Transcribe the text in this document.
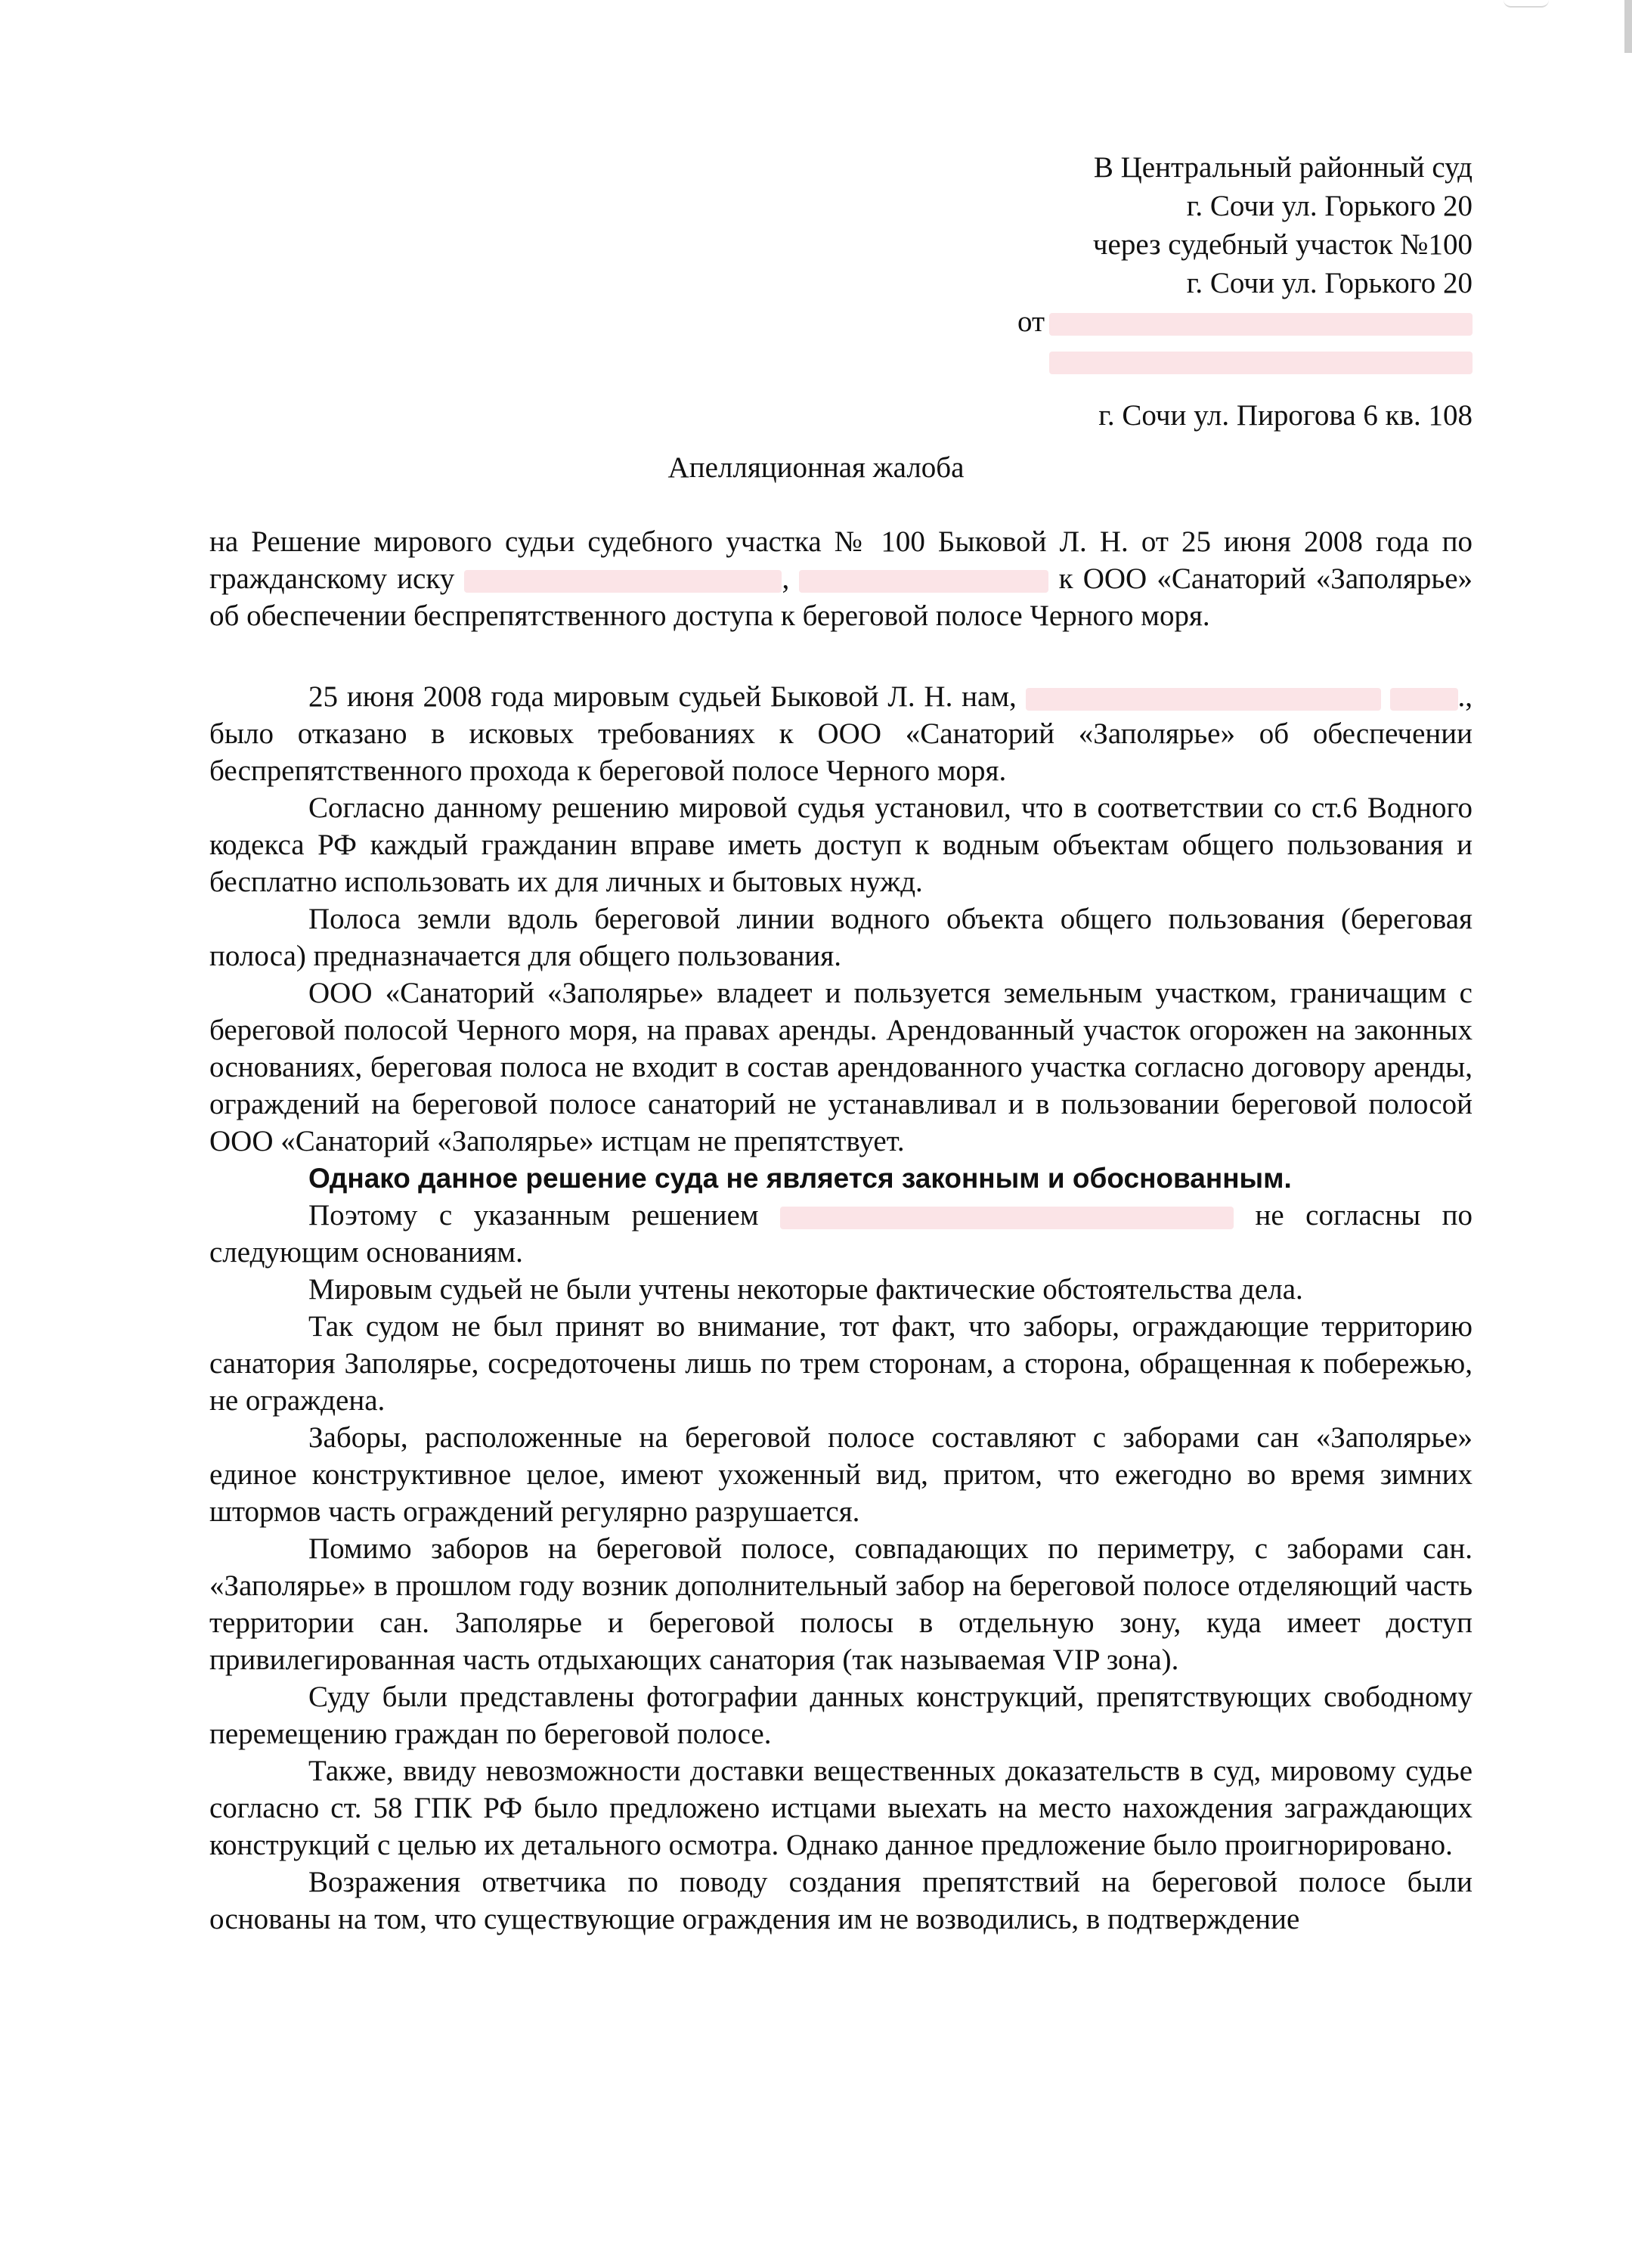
В Центральный районный суд
г. Сочи ул. Горького 20
через судебный участок №100
г. Сочи ул. Горького 20
от
г. Сочи ул. Пирогова 6 кв. 108
Апелляционная жалоба

на Решение мирового судьи судебного участка № 100 Быковой Л. Н. от 25 июня 2008 года по гражданскому иску	,	к ООО «Санаторий «Заполярье» об обеспечении беспрепятственного доступа к береговой полосе Черного моря.

25 июня 2008 года мировым судьей Быковой Л. Н. нам,	., было отказано в исковых требованиях к ООО «Санаторий «Заполярье» об обеспечении беспрепятственного прохода к береговой полосе Черного моря.

Согласно данному решению мировой судья установил, что в соответствии со ст.6 Водного кодекса РФ каждый гражданин вправе иметь доступ к водным объектам общего пользования и бесплатно использовать их для личных и бытовых нужд.

Полоса земли вдоль береговой линии водного объекта общего пользования (береговая полоса) предназначается для общего пользования.

ООО «Санаторий «Заполярье» владеет и пользуется земельным участком, граничащим с береговой полосой Черного моря, на правах аренды. Арендованный участок огорожен на законных основаниях, береговая полоса не входит в состав арендованного участка согласно договору аренды, ограждений на береговой полосе санаторий не устанавливал и в пользовании береговой полосой ООО «Санаторий «Заполярье» истцам не препятствует.

Однако данное решение суда не является законным и обоснованным.

Поэтому с указанным решением	не согласны по следующим основаниям.

Мировым судьей не были учтены некоторые фактические обстоятельства дела.

Так судом не был принят во внимание, тот факт, что заборы, ограждающие территорию санатория Заполярье, сосредоточены лишь по трем сторонам, а сторона, обращенная к побережью, не ограждена.

Заборы, расположенные на береговой полосе составляют с заборами сан «Заполярье» единое конструктивное целое, имеют ухоженный вид, притом, что ежегодно во время зимних штормов часть ограждений регулярно разрушается.

Помимо заборов на береговой полосе, совпадающих по периметру, с заборами сан. «Заполярье» в прошлом году возник дополнительный забор на береговой полосе отделяющий часть территории сан. Заполярье и береговой полосы в отдельную зону, куда имеет доступ привилегированная часть отдыхающих санатория (так называемая VIP зона).

Суду были представлены фотографии данных конструкций, препятствующих свободному перемещению граждан по береговой полосе.

Также, ввиду невозможности доставки вещественных доказательств в суд, мировому судье согласно ст. 58 ГПК РФ было предложено истцами выехать на место нахождения заграждающих конструкций с целью их детального осмотра. Однако данное предложение было проигнорировано.

Возражения ответчика по поводу создания препятствий на береговой полосе были основаны на том, что существующие ограждения им не возводились, в подтверждение
